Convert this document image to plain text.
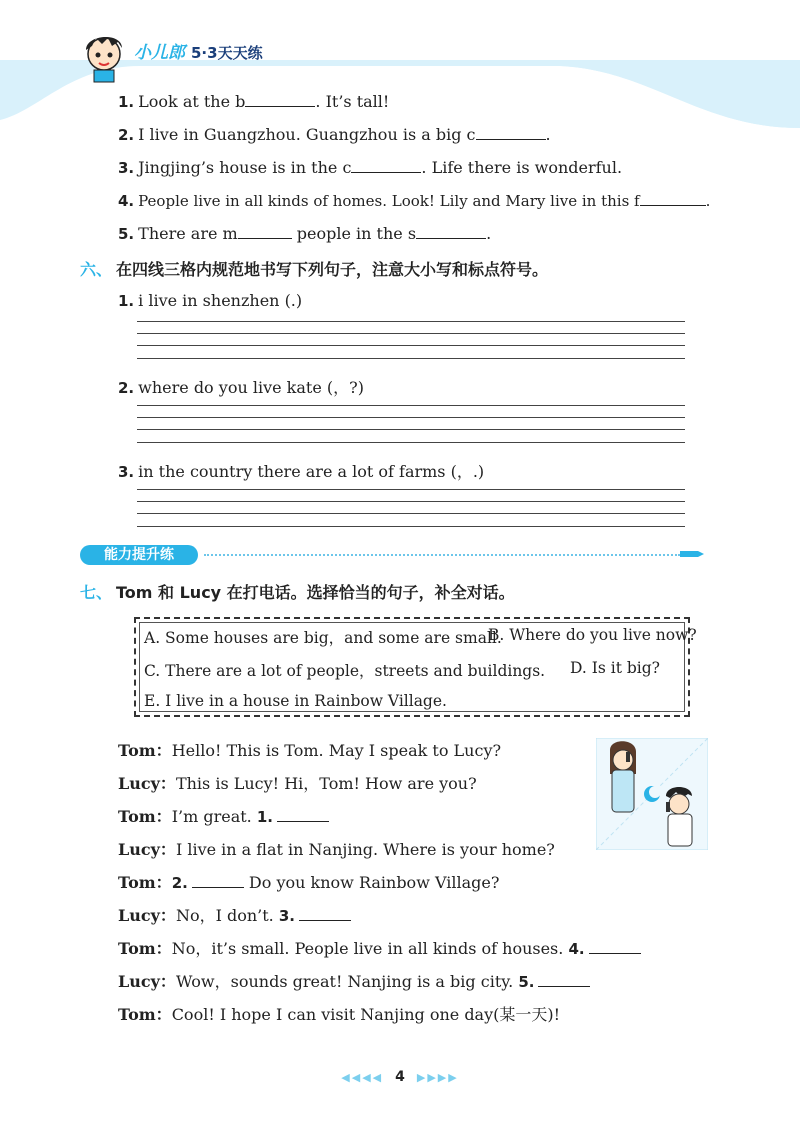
小儿郎 5·3天天练
1. Look at the b	. It’s tall!
2. I live in Guangzhou. Guangzhou is a big c	.
3. Jingjing’s house is in the c	. Life there is wonderful.
4. People live in all kinds of homes. Look! Lily and Mary live in this f	.
5. There are m	people in the s	.
六、 在四线三格内规范地书写下列句子，注意大小写和标点符号。
1. i live in shenzhen (.)
2. where do you live kate (，?)
3. in the country there are a lot of farms (，.)
能力提升练
七、 Tom 和 Lucy 在打电话。选择恰当的句子，补全对话。
A. Some houses are big，and some are small.
B. Where do you live now?
C. There are a lot of people，streets and buildings. D. Is it big?
E. I live in a house in Rainbow Village.
Tom：Hello! This is Tom. May I speak to Lucy?
Lucy：This is Lucy! Hi，Tom! How are you?
Tom：I’m great. 1.
Lucy：I live in a flat in Nanjing. Where is your home?
Tom：2.	Do you know Rainbow Village?
Lucy：No，I don’t. 3.
Tom：No，it’s small. People live in all kinds of houses. 4.
Lucy：Wow，sounds great! Nanjing is a big city. 5.
Tom：Cool! I hope I can visit Nanjing one day(某一天)!
◀◀◀◀ 4 ▶▶▶▶
